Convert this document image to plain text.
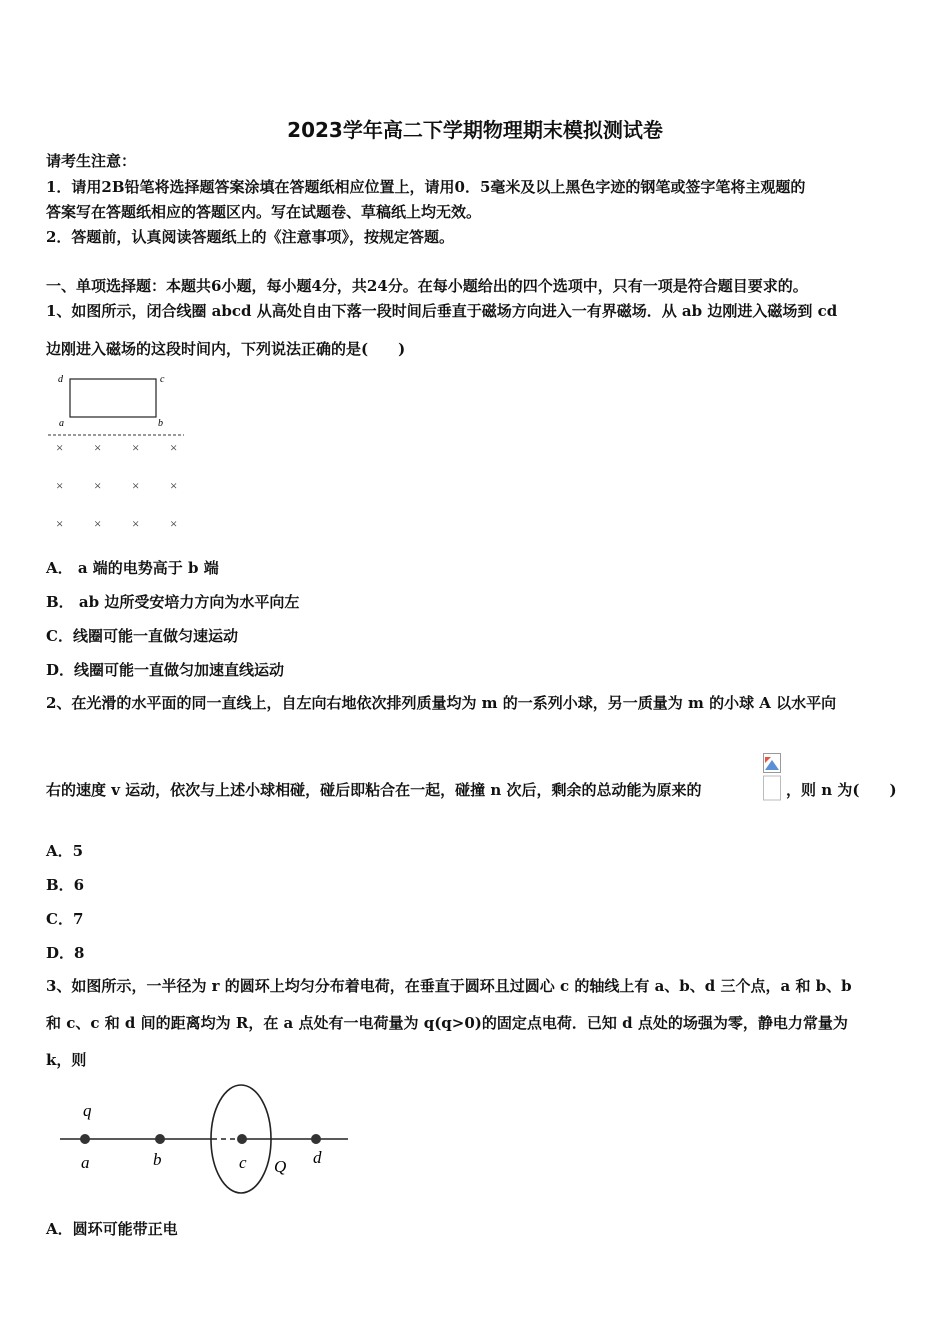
2023学年高二下学期物理期末模拟测试卷
请考生注意：
1．请用2B铅笔将选择题答案涂填在答题纸相应位置上，请用0．5毫米及以上黑色字迹的钢笔或签字笔将主观题的
答案写在答题纸相应的答题区内。写在试题卷、草稿纸上均无效。
2．答题前，认真阅读答题纸上的《注意事项》，按规定答题。
一、单项选择题：本题共6小题，每小题4分，共24分。在每小题给出的四个选项中，只有一项是符合题目要求的。
1、如图所示，闭合线圈 abcd 从高处自由下落一段时间后垂直于磁场方向进入一有界磁场．从 ab 边刚进入磁场到 cd
边刚进入磁场的这段时间内，下列说法正确的是(　　)
d	c
a	b
× × × ×
× × × ×
× × × ×
A． a 端的电势高于 b 端
B． ab 边所受安培力方向为水平向左
C．线圈可能一直做匀速运动
D．线圈可能一直做匀加速直线运动
2、在光滑的水平面的同一直线上，自左向右地依次排列质量均为 m 的一系列小球，另一质量为 m 的小球 A 以水平向
右的速度 v 运动，依次与上述小球相碰，碰后即粘合在一起，碰撞 n 次后，剩余的总动能为原来的	，则 n 为(　　)
A．5
B．6
C．7
D．8
3、如图所示，一半径为 r 的圆环上均匀分布着电荷，在垂直于圆环且过圆心 c 的轴线上有 a、b、d 三个点，a 和 b、b
和 c、c 和 d 间的距离均为 R，在 a 点处有一电荷量为 q(q>0)的固定点电荷．已知 d 点处的场强为零，静电力常量为
k，则
q
a	b	c Q d
A．圆环可能带正电
